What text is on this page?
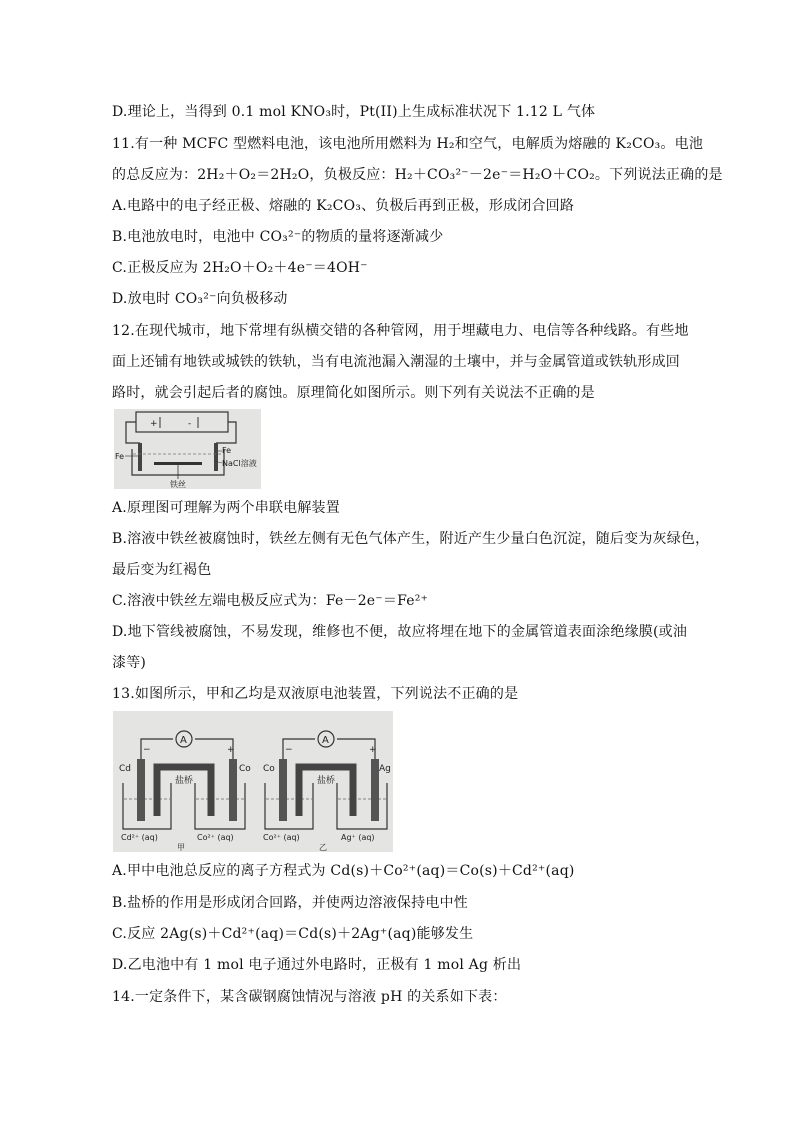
D.理论上，当得到 0.1 mol KNO₃时，Pt(II)上生成标准状况下 1.12 L 气体
11.有一种 MCFC 型燃料电池，该电池所用燃料为 H₂和空气，电解质为熔融的 K₂CO₃。电池
的总反应为：2H₂＋O₂＝2H₂O，负极反应：H₂＋CO₃²⁻－2e⁻＝H₂O＋CO₂。下列说法正确的是
A.电路中的电子经正极、熔融的 K₂CO₃、负极后再到正极，形成闭合回路
B.电池放电时，电池中 CO₃²⁻的物质的量将逐渐减少
C.正极反应为 2H₂O＋O₂＋4e⁻＝4OH⁻
D.放电时 CO₃²⁻向负极移动
12.在现代城市，地下常埋有纵横交错的各种管网，用于埋藏电力、电信等各种线路。有些地
面上还铺有地铁或城铁的铁轨，当有电流池漏入潮湿的土壤中，并与金属管道或铁轨形成回
路时，就会引起后者的腐蚀。原理简化如图所示。则下列有关说法不正确的是
+	-
Fe
Fe
NaCl溶液
铁丝
A.原理图可理解为两个串联电解装置
B.溶液中铁丝被腐蚀时，铁丝左侧有无色气体产生，附近产生少量白色沉淀，随后变为灰绿色，
最后变为红褐色
C.溶液中铁丝左端电极反应式为：Fe－2e⁻＝Fe²⁺
D.地下管线被腐蚀，不易发现，维修也不便，故应将埋在地下的金属管道表面涂绝缘膜(或油
漆等)
13.如图所示，甲和乙均是双液原电池装置，下列说法不正确的是
A
Cd
−	+
Co
盐桥
Cd²⁺ (aq)	Co²⁺ (aq)
甲
A
Co
−	+
Ag
盐桥
Co²⁺ (aq)	Ag⁺ (aq)
乙
A.甲中电池总反应的离子方程式为 Cd(s)＋Co²⁺(aq)＝Co(s)＋Cd²⁺(aq)
B.盐桥的作用是形成闭合回路，并使两边溶液保持电中性
C.反应 2Ag(s)＋Cd²⁺(aq)＝Cd(s)＋2Ag⁺(aq)能够发生
D.乙电池中有 1 mol 电子通过外电路时，正极有 1 mol Ag 析出
14.一定条件下，某含碳钢腐蚀情况与溶液 pH 的关系如下表：
